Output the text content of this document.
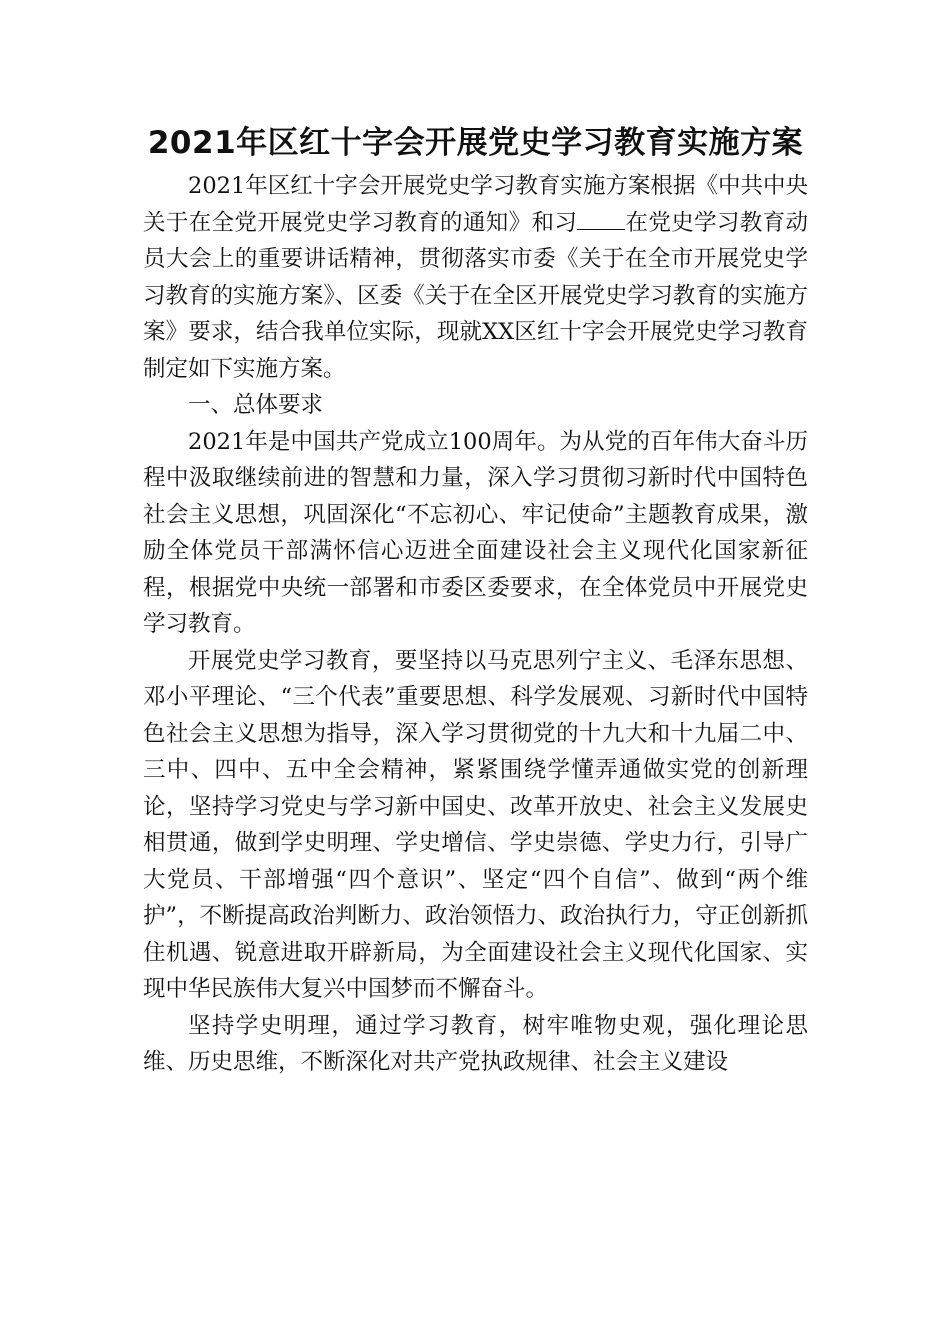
2021年区红十字会开展党史学习教育实施方案

2021年区红十字会开展党史学习教育实施方案根据《中共中央关于在全党开展党史学习教育的通知》和习 在党史学习教育动员大会上的重要讲话精神，贯彻落实市委《关于在全市开展党史学习教育的实施方案》、区委《关于在全区开展党史学习教育的实施方案》要求，结合我单位实际，现就XX区红十字会开展党史学习教育制定如下实施方案。

一、总体要求

2021年是中国共产党成立100周年。为从党的百年伟大奋斗历程中汲取继续前进的智慧和力量，深入学习贯彻习新时代中国特色社会主义思想，巩固深化“不忘初心、牢记使命”主题教育成果，激励全体党员干部满怀信心迈进全面建设社会主义现代化国家新征程，根据党中央统一部署和市委区委要求，在全体党员中开展党史学习教育。

开展党史学习教育，要坚持以马克思列宁主义、毛泽东思想、邓小平理论、“三个代表”重要思想、科学发展观、习新时代中国特色社会主义思想为指导，深入学习贯彻党的十九大和十九届二中、三中、四中、五中全会精神，紧紧围绕学懂弄通做实党的创新理论，坚持学习党史与学习新中国史、改革开放史、社会主义发展史相贯通，做到学史明理、学史增信、学史崇德、学史力行，引导广大党员、干部增强“四个意识”、坚定“四个自信”、做到“两个维护”，不断提高政治判断力、政治领悟力、政治执行力，守正创新抓住机遇、锐意进取开辟新局，为全面建设社会主义现代化国家、实现中华民族伟大复兴中国梦而不懈奋斗。

坚持学史明理，通过学习教育，树牢唯物史观，强化理论思维、历史思维，不断深化对共产党执政规律、社会主义建设
